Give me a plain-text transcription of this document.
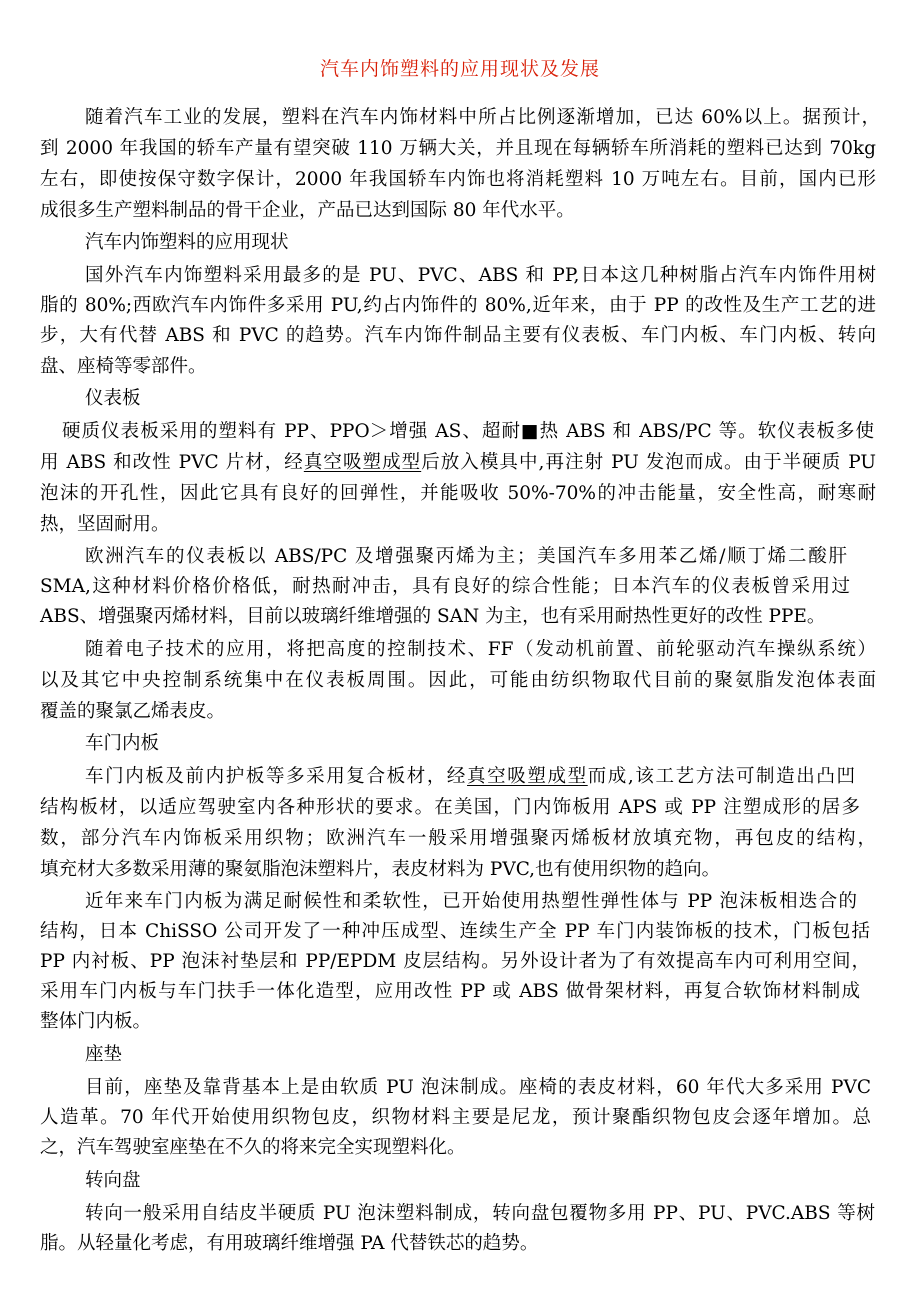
汽车内饰塑料的应用现状及发展
随着汽车工业的发展，塑料在汽车内饰材料中所占比例逐渐增加，已达 60%以上。据预计，
到 2000 年我国的轿车产量有望突破 110 万辆大关，并且现在每辆轿车所消耗的塑料已达到 70kg
左右，即使按保守数字保计，2000 年我国轿车内饰也将消耗塑料 10 万吨左右。目前，国内已形
成很多生产塑料制品的骨干企业，产品已达到国际 80 年代水平。
汽车内饰塑料的应用现状
国外汽车内饰塑料采用最多的是 PU、PVC、ABS 和 PP,日本这几种树脂占汽车内饰件用树
脂的 80%;西欧汽车内饰件多采用 PU,约占内饰件的 80%,近年来，由于 PP 的改性及生产工艺的进
步，大有代替 ABS 和 PVC 的趋势。汽车内饰件制品主要有仪表板、车门内板、车门内板、转向
盘、座椅等零部件。
仪表板
硬质仪表板采用的塑料有 PP、PPO＞增强 AS、超耐■热 ABS 和 ABS/PC 等。软仪表板多使
用 ABS 和改性 PVC 片材，经真空吸塑成型后放入模具中,再注射 PU 发泡而成。由于半硬质 PU
泡沫的开孔性，因此它具有良好的回弹性，并能吸收 50%-70%的冲击能量，安全性高，耐寒耐
热，坚固耐用。
欧洲汽车的仪表板以 ABS/PC 及增强聚丙烯为主；美国汽车多用苯乙烯/顺丁烯二酸肝
SMA,这种材料价格价格低，耐热耐冲击，具有良好的综合性能；日本汽车的仪表板曾采用过
ABS、增强聚丙烯材料，目前以玻璃纤维增强的 SAN 为主，也有采用耐热性更好的改性 PPE。
随着电子技术的应用，将把高度的控制技术、FF（发动机前置、前轮驱动汽车操纵系统）
以及其它中央控制系统集中在仪表板周围。因此，可能由纺织物取代目前的聚氨脂发泡体表面
覆盖的聚氯乙烯表皮。
车门内板
车门内板及前内护板等多采用复合板材，经真空吸塑成型而成,该工艺方法可制造出凸凹
结构板材，以适应驾驶室内各种形状的要求。在美国，门内饰板用 APS 或 PP 注塑成形的居多
数，部分汽车内饰板采用织物；欧洲汽车一般采用增强聚丙烯板材放填充物，再包皮的结构，
填充材大多数采用薄的聚氨脂泡沫塑料片，表皮材料为 PVC,也有使用织物的趋向。
近年来车门内板为满足耐候性和柔软性，已开始使用热塑性弹性体与 PP 泡沫板相迭合的
结构，日本 ChiSSO 公司开发了一种冲压成型、连续生产全 PP 车门内装饰板的技术，门板包括
PP 内衬板、PP 泡沫衬垫层和 PP/EPDM 皮层结构。另外设计者为了有效提高车内可利用空间，
采用车门内板与车门扶手一体化造型，应用改性 PP 或 ABS 做骨架材料，再复合软饰材料制成
整体门内板。
座垫
目前，座垫及靠背基本上是由软质 PU 泡沫制成。座椅的表皮材料，60 年代大多采用 PVC
人造革。70 年代开始使用织物包皮，织物材料主要是尼龙，预计聚酯织物包皮会逐年增加。总
之，汽车驾驶室座垫在不久的将来完全实现塑料化。
转向盘
转向一般采用自结皮半硬质 PU 泡沫塑料制成，转向盘包覆物多用 PP、PU、PVC.ABS 等树
脂。从轻量化考虑，有用玻璃纤维增强 PA 代替铁芯的趋势。
